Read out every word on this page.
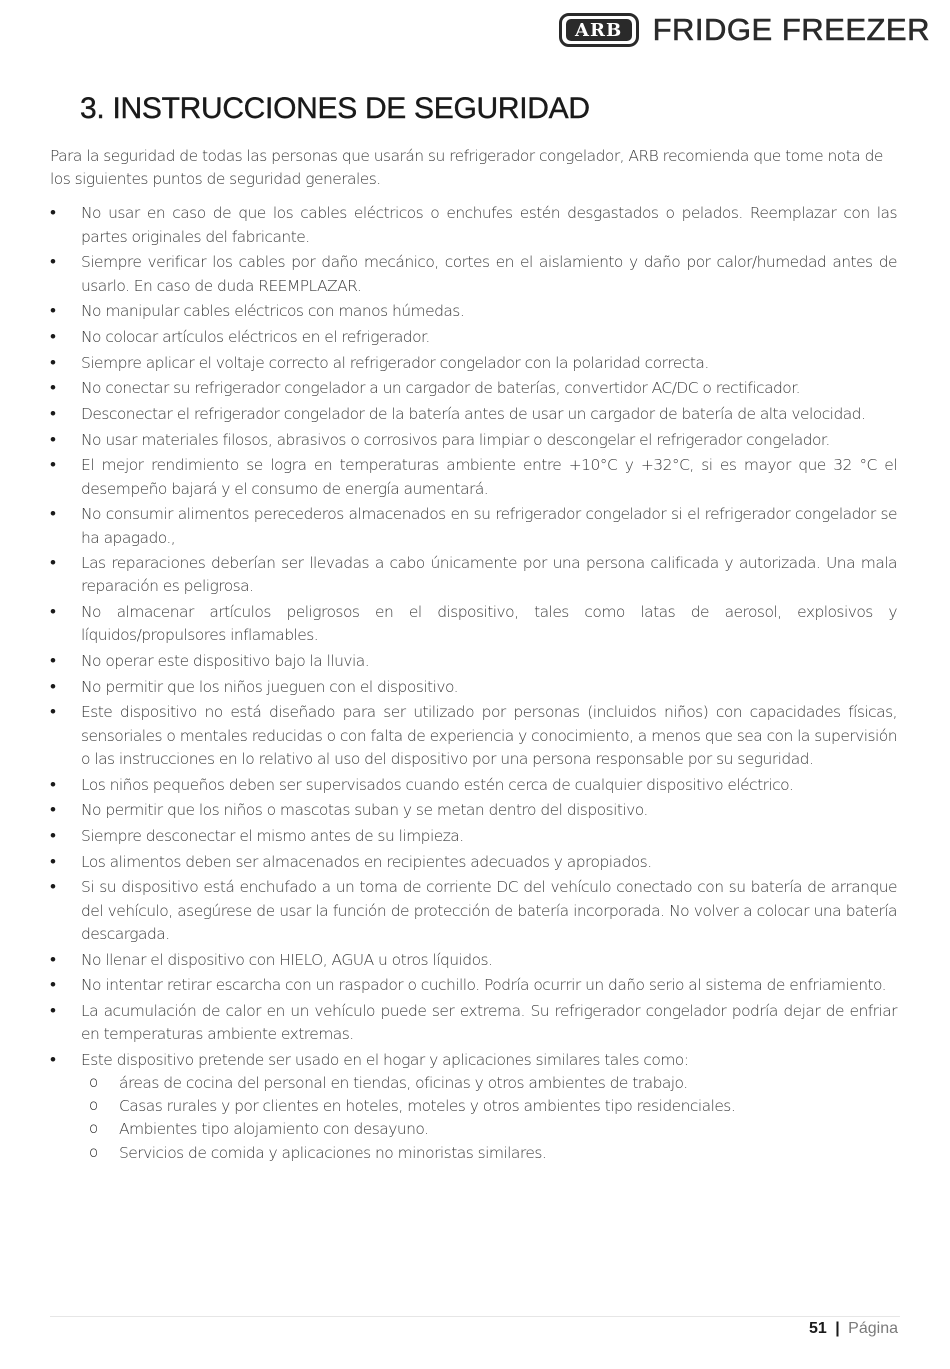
ARB FRIDGE FREEZER
3. INSTRUCCIONES DE SEGURIDAD

Para la seguridad de todas las personas que usarán su refrigerador congelador, ARB recomienda que tome nota de los siguientes puntos de seguridad generales.

• No usar en caso de que los cables eléctricos o enchufes estén desgastados o pelados. Reemplazar con las partes originales del fabricante.
• Siempre verificar los cables por daño mecánico, cortes en el aislamiento y daño por calor/humedad antes de usarlo. En caso de duda REEMPLAZAR.
• No manipular cables eléctricos con manos húmedas.
• No colocar artículos eléctricos en el refrigerador.
• Siempre aplicar el voltaje correcto al refrigerador congelador con la polaridad correcta.
• No conectar su refrigerador congelador a un cargador de baterías, convertidor AC/DC o rectificador.
• Desconectar el refrigerador congelador de la batería antes de usar un cargador de batería de alta velocidad.
• No usar materiales filosos, abrasivos o corrosivos para limpiar o descongelar el refrigerador congelador.
• El mejor rendimiento se logra en temperaturas ambiente entre +10°C y +32°C, si es mayor que 32 °C el desempeño bajará y el consumo de energía aumentará.
• No consumir alimentos perecederos almacenados en su refrigerador congelador si el refrigerador congelador se ha apagado.,
• Las reparaciones deberían ser llevadas a cabo únicamente por una persona calificada y autorizada. Una mala reparación es peligrosa.
• No almacenar artículos peligrosos en el dispositivo, tales como latas de aerosol, explosivos y líquidos/propulsores inflamables.
• No operar este dispositivo bajo la lluvia.
• No permitir que los niños jueguen con el dispositivo.
• Este dispositivo no está diseñado para ser utilizado por personas (incluidos niños) con capacidades físicas, sensoriales o mentales reducidas o con falta de experiencia y conocimiento, a menos que sea con la supervisión o las instrucciones en lo relativo al uso del dispositivo por una persona responsable por su seguridad.
• Los niños pequeños deben ser supervisados cuando estén cerca de cualquier dispositivo eléctrico.
• No permitir que los niños o mascotas suban y se metan dentro del dispositivo.
• Siempre desconectar el mismo antes de su limpieza.
• Los alimentos deben ser almacenados en recipientes adecuados y apropiados.
• Si su dispositivo está enchufado a un toma de corriente DC del vehículo conectado con su batería de arranque del vehículo, asegúrese de usar la función de protección de batería incorporada. No volver a colocar una batería descargada.
• No llenar el dispositivo con HIELO, AGUA u otros líquidos.
• No intentar retirar escarcha con un raspador o cuchillo. Podría ocurrir un daño serio al sistema de enfriamiento.
• La acumulación de calor en un vehículo puede ser extrema. Su refrigerador congelador podría dejar de enfriar en temperaturas ambiente extremas.
• Este dispositivo pretende ser usado en el hogar y aplicaciones similares tales como:
o áreas de cocina del personal en tiendas, oficinas y otros ambientes de trabajo.
o Casas rurales y por clientes en hoteles, moteles y otros ambientes tipo residenciales.
o Ambientes tipo alojamiento con desayuno.
o Servicios de comida y aplicaciones no minoristas similares.
51 | Página
